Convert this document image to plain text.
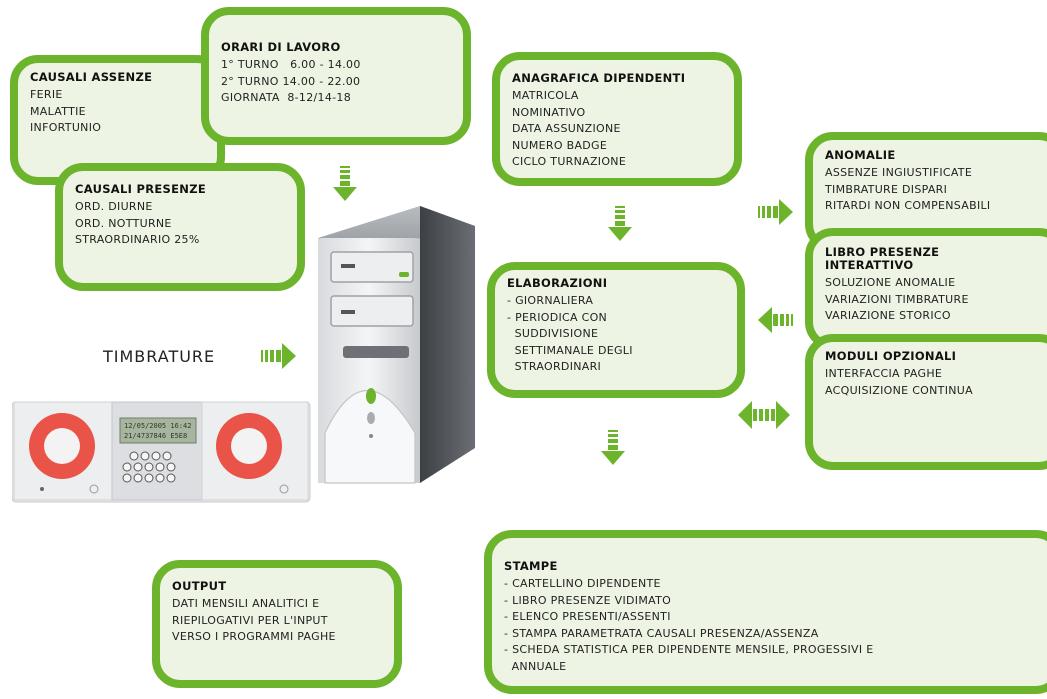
CAUSALI ASSENZE
FERIE
MALATTIE
INFORTUNIO
ORARI DI LAVORO
1° TURNO   6.00 - 14.00
2° TURNO 14.00 - 22.00
GIORNATA  8-12/14-18
CAUSALI PRESENZE
ORD. DIURNE
ORD. NOTTURNE
STRAORDINARIO 25%
ANAGRAFICA DIPENDENTI
MATRICOLA
NOMINATIVO
DATA ASSUNZIONE
NUMERO BADGE
CICLO TURNAZIONE	ANOMALIE
ASSENZE INGIUSTIFICATE
TIMBRATURE DISPARI
RITARDI NON COMPENSABILI
LIBRO PRESENZE
INTERATTIVO
SOLUZIONE ANOMALIE
VARIAZIONI TIMBRATURE
VARIAZIONE STORICO
MODULI OPZIONALI
INTERFACCIA PAGHE
ACQUISIZIONE CONTINUA
ELABORAZIONI
- GIORNALIERA
- PERIODICA CON
SUDDIVISIONE
SETTIMANALE DEGLI
STRAORDINARI
TIMBRATURE
12/05/2005 16:42
21/4737846 E5E8
OUTPUT
DATI MENSILI ANALITICI E
RIEPILOGATIVI PER L'INPUT
VERSO I PROGRAMMI PAGHE
STAMPE
- CARTELLINO DIPENDENTE
- LIBRO PRESENZE VIDIMATO
- ELENCO PRESENTI/ASSENTI
- STAMPA PARAMETRATA CAUSALI PRESENZA/ASSENZA
- SCHEDA STATISTICA PER DIPENDENTE MENSILE, PROGESSIVI E
ANNUALE
